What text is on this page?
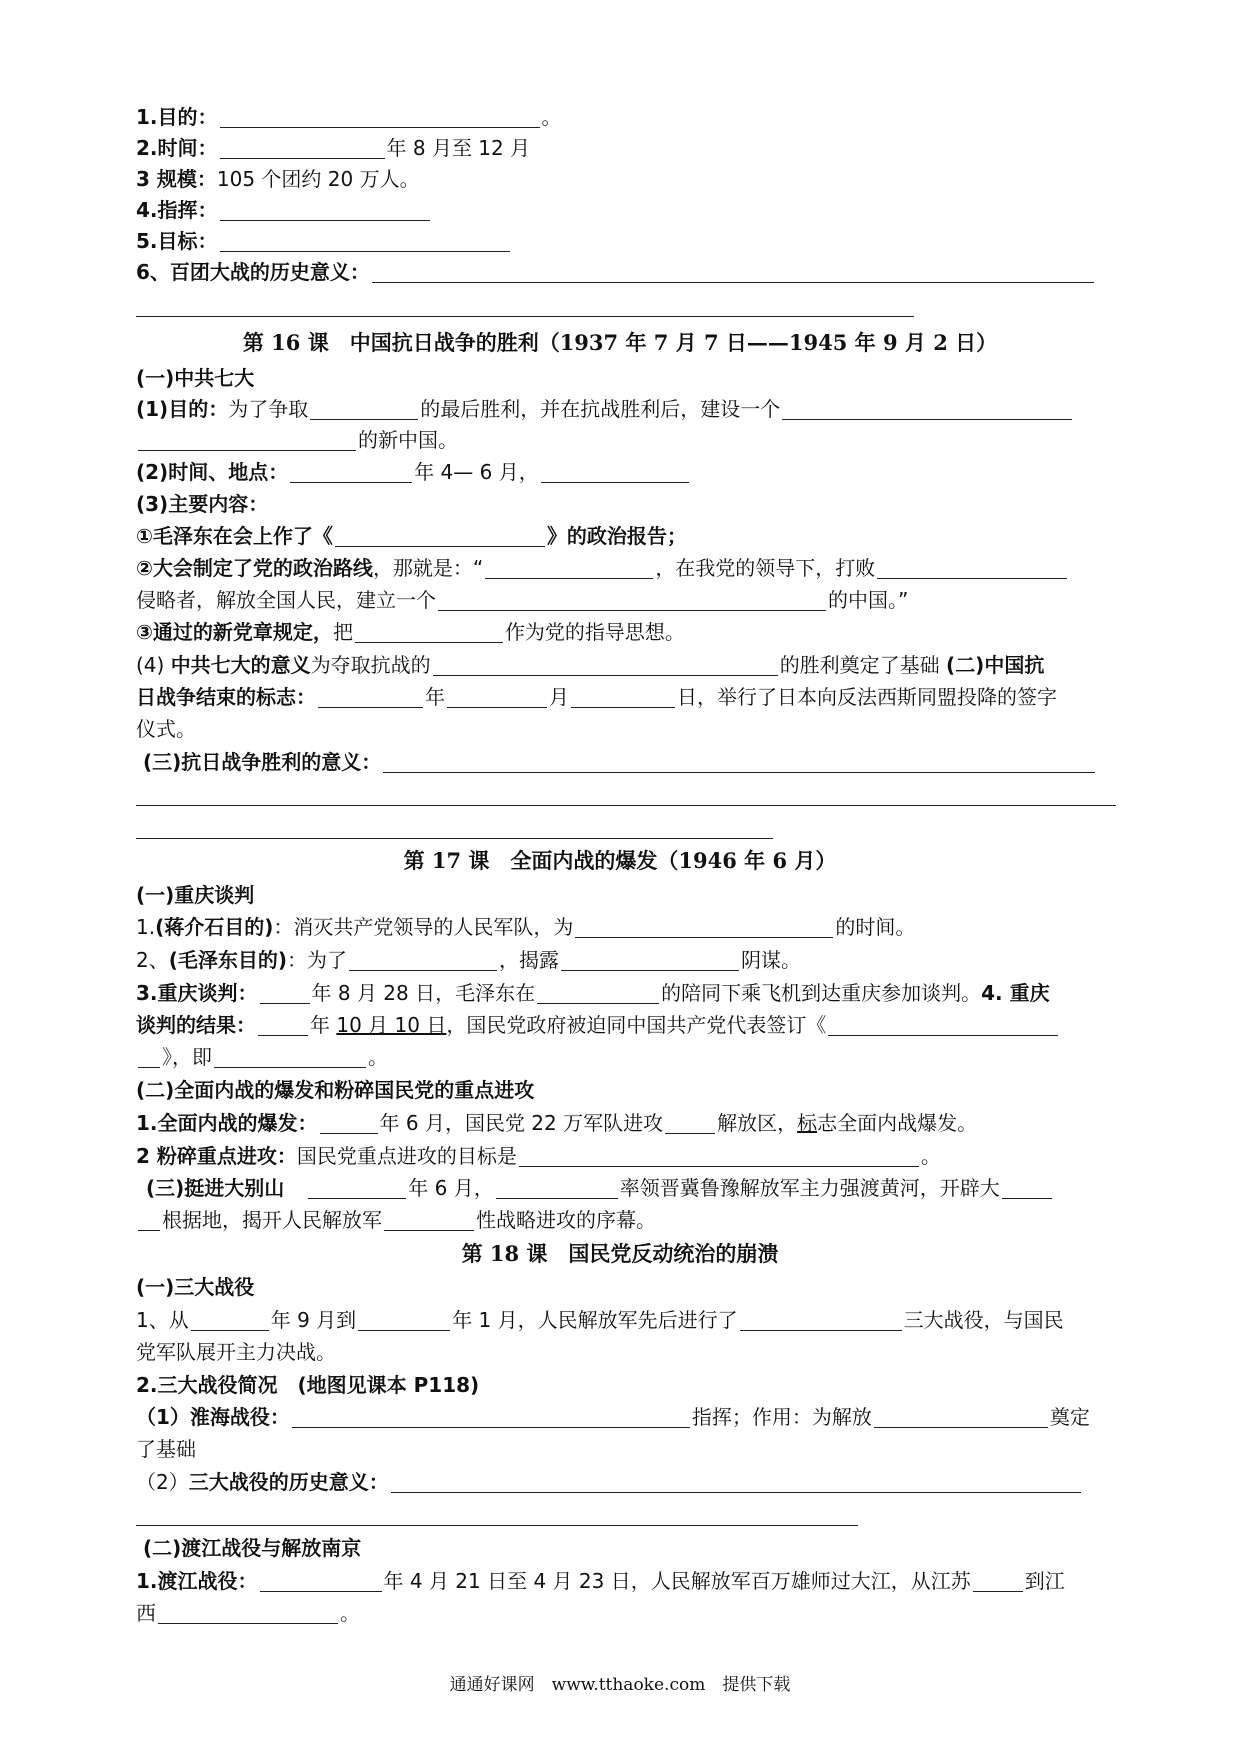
1.目的：	。
2.时间：	年 8 月至 12 月
3 规模：105 个团约 20 万人。
4.指挥：
5.目标：
6、百团大战的历史意义：
第 16 课　中国抗日战争的胜利（1937 年 7 月 7 日——1945 年 9 月 2 日）
(一)中共七大
(1)目的：为了争取	的最后胜利，并在抗战胜利后，建设一个
的新中国。
(2)时间、地点：	年 4— 6 月，
(3)主要内容：
①毛泽东在会上作了《	》的政治报告；
②大会制定了党的政治路线，那就是：“	，在我党的领导下，打败
侵略者，解放全国人民，建立一个	的中国。”
③通过的新党章规定，把	作为党的指导思想。
(4) 中共七大的意义为夺取抗战的	的胜利奠定了基础 (二)中国抗
日战争结束的标志：	年	月	日，举行了日本向反法西斯同盟投降的签字
仪式。
(三)抗日战争胜利的意义：
第 17 课　全面内战的爆发（1946 年 6 月）
(一)重庆谈判
1.(蒋介石目的)：消灭共产党领导的人民军队，为	的时间。
2、(毛泽东目的)：为了	，揭露	阴谋。
3.重庆谈判：	年 8 月 28 日，毛泽东在	的陪同下乘飞机到达重庆参加谈判。4. 重庆
谈判的结果：	年 10 月 10 日，国民党政府被迫同中国共产党代表签订《
》，即	。
(二)全面内战的爆发和粉碎国民党的重点进攻
1.全面内战的爆发：	年 6 月，国民党 22 万军队进攻	解放区，标志全面内战爆发。
2 粉碎重点进攻：国民党重点进攻的目标是	。
(三)挺进大别山	年 6 月，	率领晋冀鲁豫解放军主力强渡黄河，开辟大
根据地，揭开人民解放军	性战略进攻的序幕。
第 18 课　国民党反动统治的崩溃
(一)三大战役
1、从	年 9 月到	年 1 月，人民解放军先后进行了	三大战役，与国民
党军队展开主力决战。
2.三大战役简况　(地图见课本 P118)
（1）淮海战役：	指挥；作用：为解放	奠定
了基础
（2）三大战役的历史意义：
(二)渡江战役与解放南京
1.渡江战役：	年 4 月 21 日至 4 月 23 日，人民解放军百万雄师过大江，从江苏	到江
西	。
通通好课网　www.tthaoke.com　提供下载
